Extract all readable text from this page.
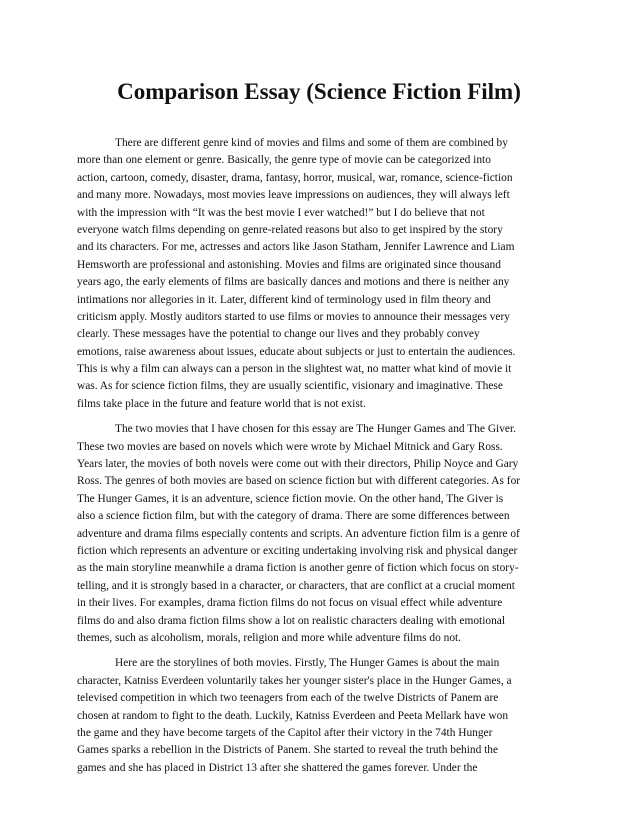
Comparison Essay (Science Fiction Film)
There are different genre kind of movies and films and some of them are combined by
more than one element or genre. Basically, the genre type of movie can be categorized into
action, cartoon, comedy, disaster, drama, fantasy, horror, musical, war, romance, science-fiction
and many more. Nowadays, most movies leave impressions on audiences, they will always left
with the impression with “It was the best movie I ever watched!” but I do believe that not
everyone watch films depending on genre-related reasons but also to get inspired by the story
and its characters. For me, actresses and actors like Jason Statham, Jennifer Lawrence and Liam
Hemsworth are professional and astonishing. Movies and films are originated since thousand
years ago, the early elements of films are basically dances and motions and there is neither any
intimations nor allegories in it. Later, different kind of terminology used in film theory and
criticism apply. Mostly auditors started to use films or movies to announce their messages very
clearly. These messages have the potential to change our lives and they probably convey
emotions, raise awareness about issues, educate about subjects or just to entertain the audiences.
This is why a film can always can a person in the slightest wat, no matter what kind of movie it
was. As for science fiction films, they are usually scientific, visionary and imaginative. These
films take place in the future and feature world that is not exist.
The two movies that I have chosen for this essay are The Hunger Games and The Giver.
These two movies are based on novels which were wrote by Michael Mitnick and Gary Ross.
Years later, the movies of both novels were come out with their directors, Philip Noyce and Gary
Ross. The genres of both movies are based on science fiction but with different categories. As for
The Hunger Games, it is an adventure, science fiction movie. On the other hand, The Giver is
also a science fiction film, but with the category of drama. There are some differences between
adventure and drama films especially contents and scripts. An adventure fiction film is a genre of
fiction which represents an adventure or exciting undertaking involving risk and physical danger
as the main storyline meanwhile a drama fiction is another genre of fiction which focus on story-
telling, and it is strongly based in a character, or characters, that are conflict at a crucial moment
in their lives. For examples, drama fiction films do not focus on visual effect while adventure
films do and also drama fiction films show a lot on realistic characters dealing with emotional
themes, such as alcoholism, morals, religion and more while adventure films do not.
Here are the storylines of both movies. Firstly, The Hunger Games is about the main
character, Katniss Everdeen voluntarily takes her younger sister's place in the Hunger Games, a
televised competition in which two teenagers from each of the twelve Districts of Panem are
chosen at random to fight to the death. Luckily, Katniss Everdeen and Peeta Mellark have won
the game and they have become targets of the Capitol after their victory in the 74th Hunger
Games sparks a rebellion in the Districts of Panem. She started to reveal the truth behind the
games and she has placed in District 13 after she shattered the games forever. Under the
